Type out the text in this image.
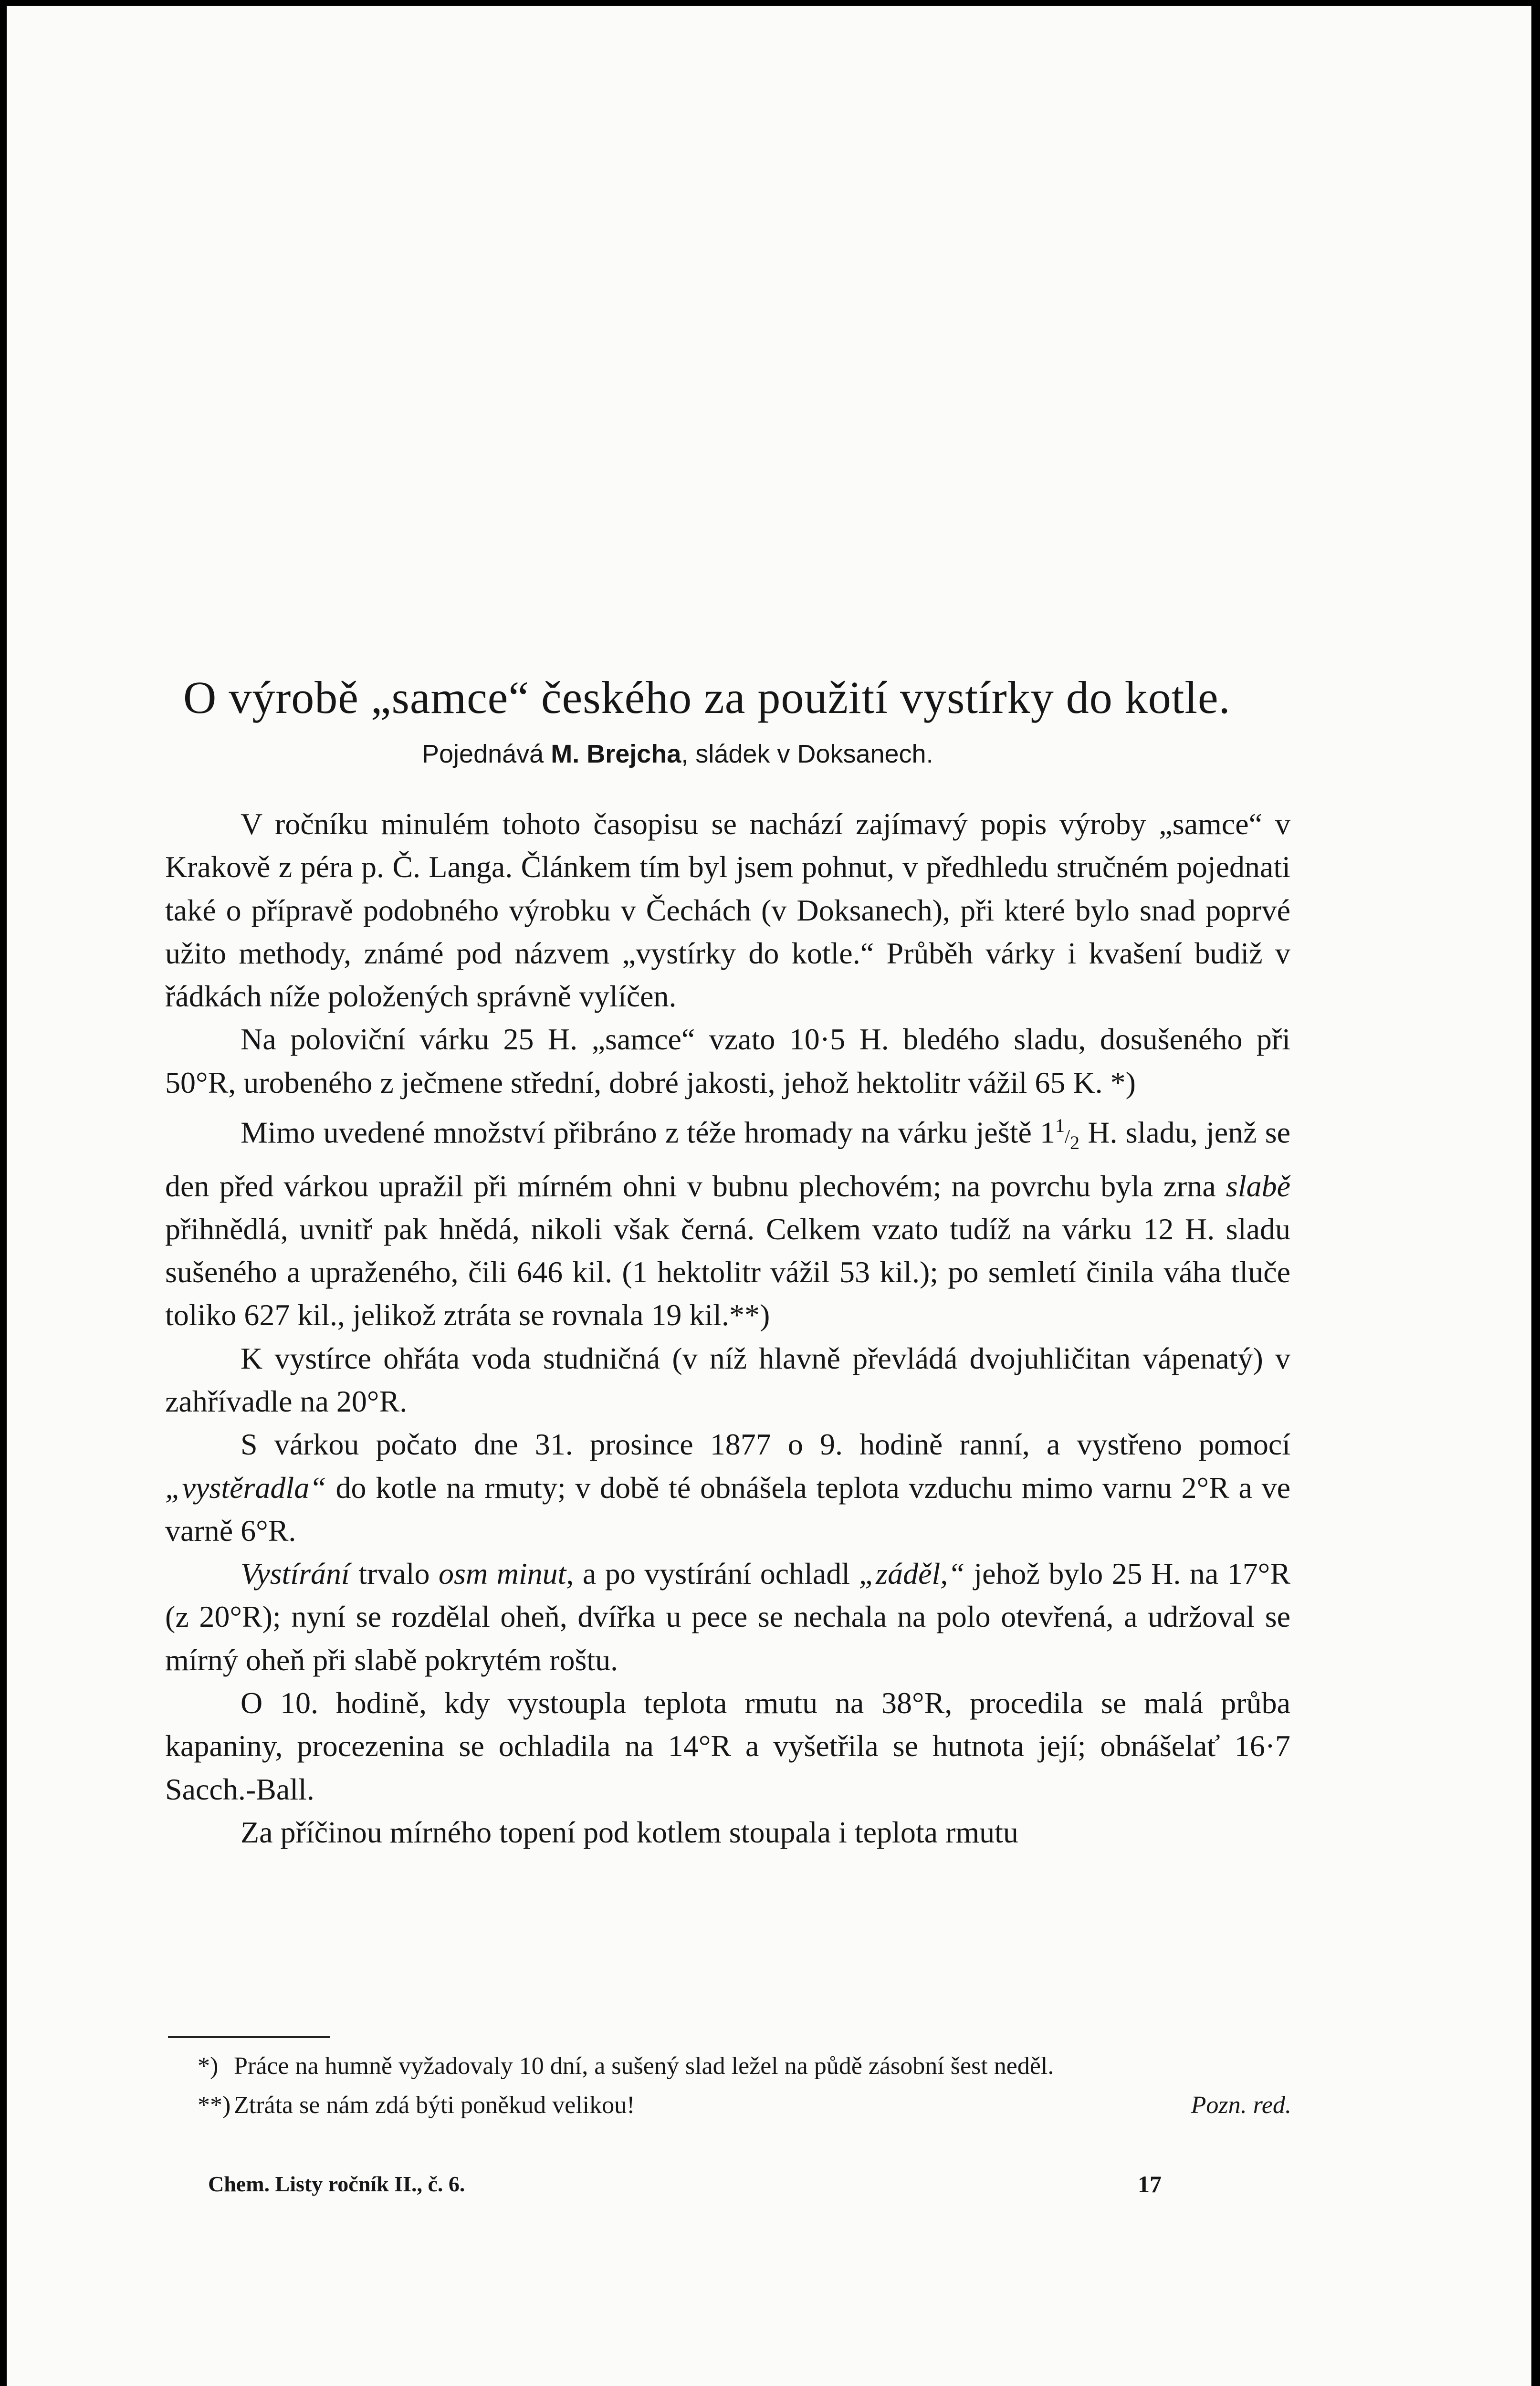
O výrobě „samce“ českého za použití vystírky do kotle.
Pojednává M. Brejcha, sládek v Doksanech.

V ročníku minulém tohoto časopisu se nachází zajímavý popis výroby „samce“ v Krakově z péra p. Č. Langa. Článkem tím byl jsem pohnut, v předhledu stručném pojednati také o přípravě podobného výrobku v Čechách (v Doksanech), při které bylo snad poprvé užito methody, známé pod názvem „vystírky do kotle.“ Průběh várky i kvašení budiž v řádkách níže položených správně vylíčen.

Na poloviční várku 25 H. „samce“ vzato 10·5 H. bledého sladu, dosušeného při 50°R, urobeného z ječmene střední, dobré jakosti, jehož hektolitr vážil 65 K. *)

Mimo uvedené množství přibráno z téže hromady na várku ještě $1^1/_2$ H. sladu, jenž se den před várkou upražil při mírném ohni v bubnu plechovém; na povrchu byla zrna slabě přihnědlá, uvnitř pak hnědá, nikoli však černá. Celkem vzato tudíž na várku 12 H. sladu sušeného a upraženého, čili 646 kil. (1 hektolitr vážil 53 kil.); po semletí činila váha tluče toliko 627 kil., jelikož ztráta se rovnala 19 kil.**)

K vystírce ohřáta voda studničná (v níž hlavně převládá dvojuhličitan vápenatý) v zahřívadle na 20°R.

S várkou počato dne 31. prosince 1877 o 9. hodině ranní, a vystřeno pomocí „vystěradla“ do kotle na rmuty; v době té obnášela teplota vzduchu mimo varnu 2°R a ve varně 6°R.

Vystírání trvalo osm minut, a po vystírání ochladl „záděl,“ jehož bylo 25 H. na 17°R (z 20°R); nyní se rozdělal oheň, dvířka u pece se nechala na polo otevřená, a udržoval se mírný oheň při slabě pokrytém roštu.

O 10. hodině, kdy vystoupla teplota rmutu na 38°R, procedila se malá průba kapaniny, procezenina se ochladila na 14°R a vyšetřila se hutnota její; obnášelať 16·7 Sacch.-Ball.

Za příčinou mírného topení pod kotlem stoupala i teplota rmutu

*) Práce na humně vyžadovaly 10 dní, a sušený slad ležel na půdě zásobní šest neděl.
**) Ztráta se nám zdá býti poněkud velikou!	Pozn. red.
Chem. Listy ročník II., č. 6.	17
